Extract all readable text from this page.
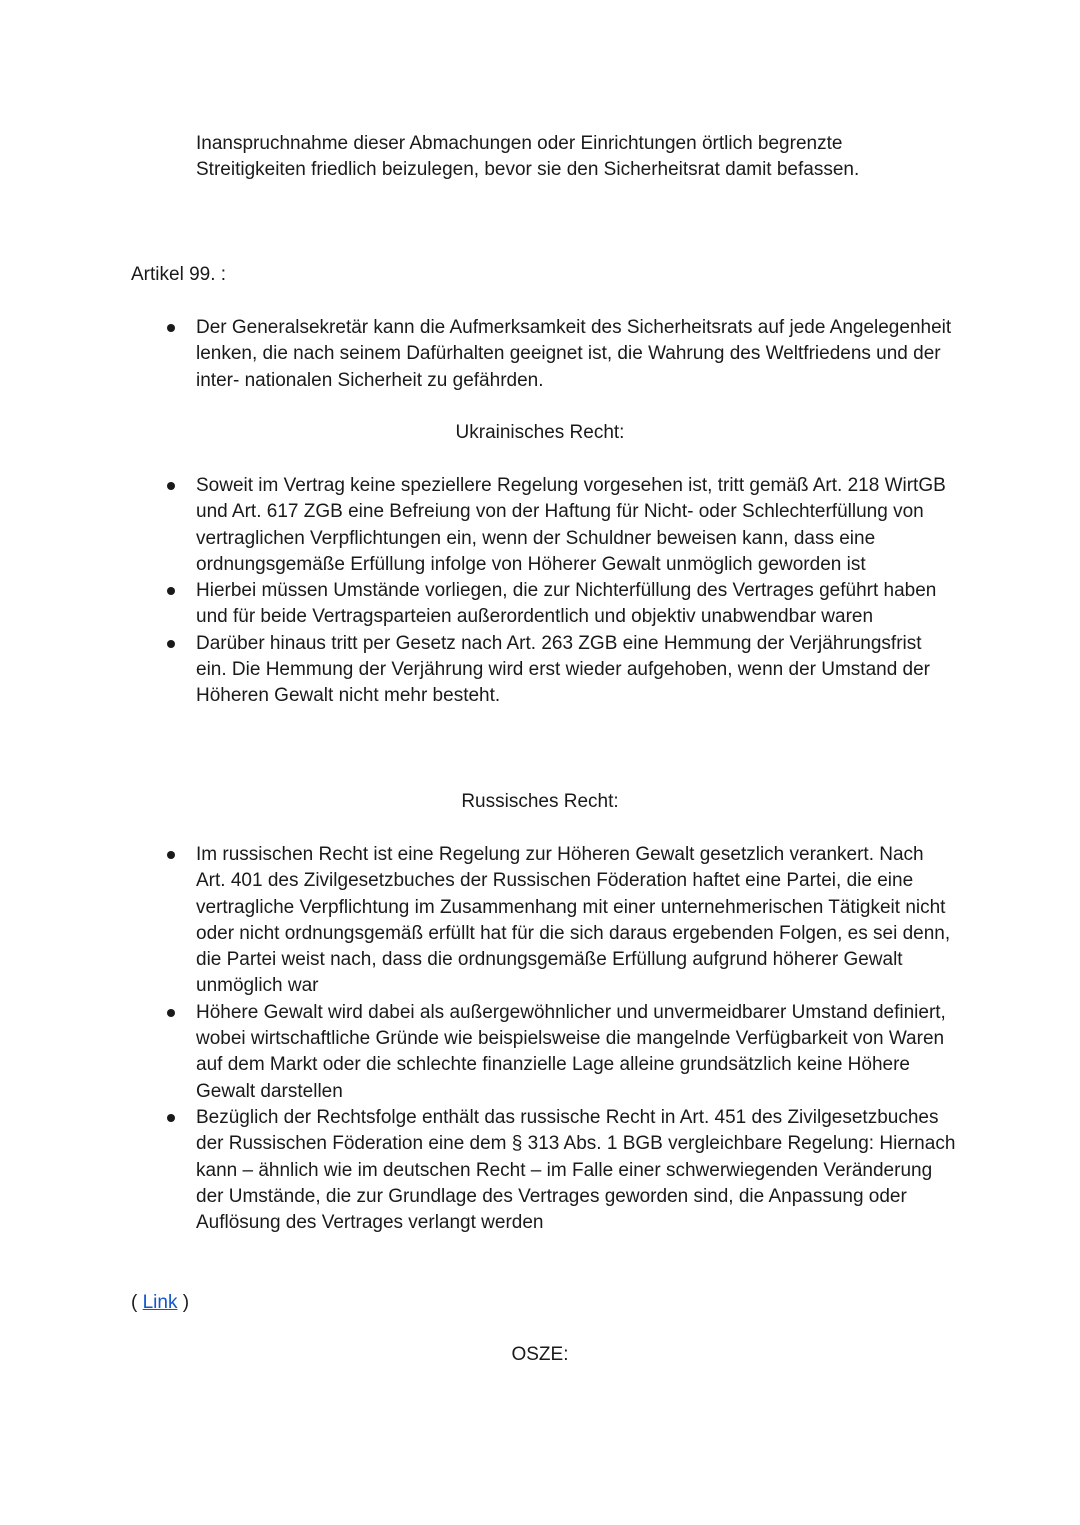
Inanspruchnahme dieser Abmachungen oder Einrichtungen örtlich begrenzte Streitigkeiten friedlich beizulegen, bevor sie den Sicherheitsrat damit befassen.

Artikel 99. :
Der Generalsekretär kann die Aufmerksamkeit des Sicherheitsrats auf jede Angelegenheit lenken, die nach seinem Dafürhalten geeignet ist, die Wahrung des Weltfriedens und der inter- nationalen Sicherheit zu gefährden.
Ukrainisches Recht:
Soweit im Vertrag keine speziellere Regelung vorgesehen ist, tritt gemäß Art. 218 WirtGB und Art. 617 ZGB eine Befreiung von der Haftung für Nicht- oder Schlechterfüllung von vertraglichen Verpflichtungen ein, wenn der Schuldner beweisen kann, dass eine ordnungsgemäße Erfüllung infolge von Höherer Gewalt unmöglich geworden ist
Hierbei müssen Umstände vorliegen, die zur Nichterfüllung des Vertrages geführt haben und für beide Vertragsparteien außerordentlich und objektiv unabwendbar waren
Darüber hinaus tritt per Gesetz nach Art. 263 ZGB eine Hemmung der Verjährungsfrist ein. Die Hemmung der Verjährung wird erst wieder aufgehoben, wenn der Umstand der Höheren Gewalt nicht mehr besteht.
Russisches Recht:
Im russischen Recht ist eine Regelung zur Höheren Gewalt gesetzlich verankert. Nach Art. 401 des Zivilgesetzbuches der Russischen Föderation haftet eine Partei, die eine vertragliche Verpflichtung im Zusammenhang mit einer unternehmerischen Tätigkeit nicht oder nicht ordnungsgemäß erfüllt hat für die sich daraus ergebenden Folgen, es sei denn, die Partei weist nach, dass die ordnungsgemäße Erfüllung aufgrund höherer Gewalt unmöglich war
Höhere Gewalt wird dabei als außergewöhnlicher und unvermeidbarer Umstand definiert, wobei wirtschaftliche Gründe wie beispielsweise die mangelnde Verfügbarkeit von Waren auf dem Markt oder die schlechte finanzielle Lage alleine grundsätzlich keine Höhere Gewalt darstellen
Bezüglich der Rechtsfolge enthält das russische Recht in Art. 451 des Zivilgesetzbuches der Russischen Föderation eine dem § 313 Abs. 1 BGB vergleichbare Regelung: Hiernach kann – ähnlich wie im deutschen Recht – im Falle einer schwerwiegenden Veränderung der Umstände, die zur Grundlage des Vertrages geworden sind, die Anpassung oder Auflösung des Vertrages verlangt werden
( Link )
OSZE:
